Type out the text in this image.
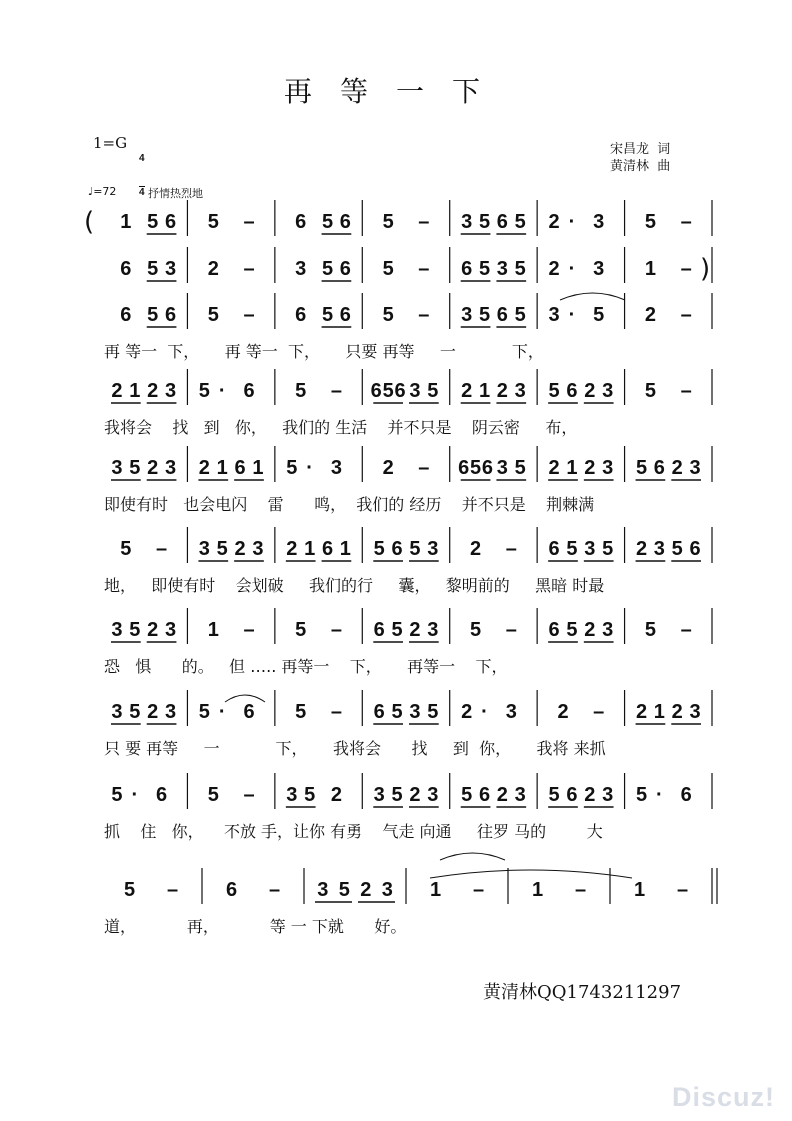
再等一下
1=G

4

4

宋昌龙  词
黄清林  曲
♩=72	抒情热烈地
( 1 5 6 5 – 6 5 6 5 – 3 5 6 5 2 · 3 5 –
)
6 5 3 2 – 3 5 6 5 – 6 5 3 5 2 · 3 1 –
6 5 6 5 – 6 5 6 5 – 3 5 6 5 3 · 5 2 –
再 等一  下，     再 等一  下，     只要 再等     一           下，
2 1 2 3 5 · 6 5 – 6 5 6 3 5 2 1 2 3 5 6 2 3 5 –
我将会    找   到   你，   我们的 生活    并不只是    阴云密     布，
3 5 2 3 2 1 6 1 5 · 3 2 – 6 5 6 3 5 2 1 2 3 5 6 2 3
即使有时   也会电闪    雷      鸣，  我们的 经历    并不只是    荆棘满
5 – 3 5 2 3 2 1 6 1 5 6 5 3 2 – 6 5 3 5 2 3 5 6
地，   即使有时    会划破     我们的行     囊，   黎明前的     黑暗 时最
3 5 2 3 1 – 5 – 6 5 2 3 5 – 6 5 2 3 5 –
恐   惧      的。   但 ….. 再等一    下，     再等一    下，
3 5 2 3 5 · 6 5 – 6 5 3 5 2 · 3 2 – 2 1 2 3
只 要 再等     一           下，     我将会      找     到  你，     我将 来抓
5 · 6 5 – 3 5 2 3 5 2 3 5 6 2 3 5 6 2 3 5 · 6
抓    住   你，    不放 手，让你 有勇    气走 向通     往罗 马的        大
5 – 6 – 3 5 2 3 1 – 1 – 1 –
道，          再，          等 一 下就      好。
黄清林QQ1743211297
Discuz!
